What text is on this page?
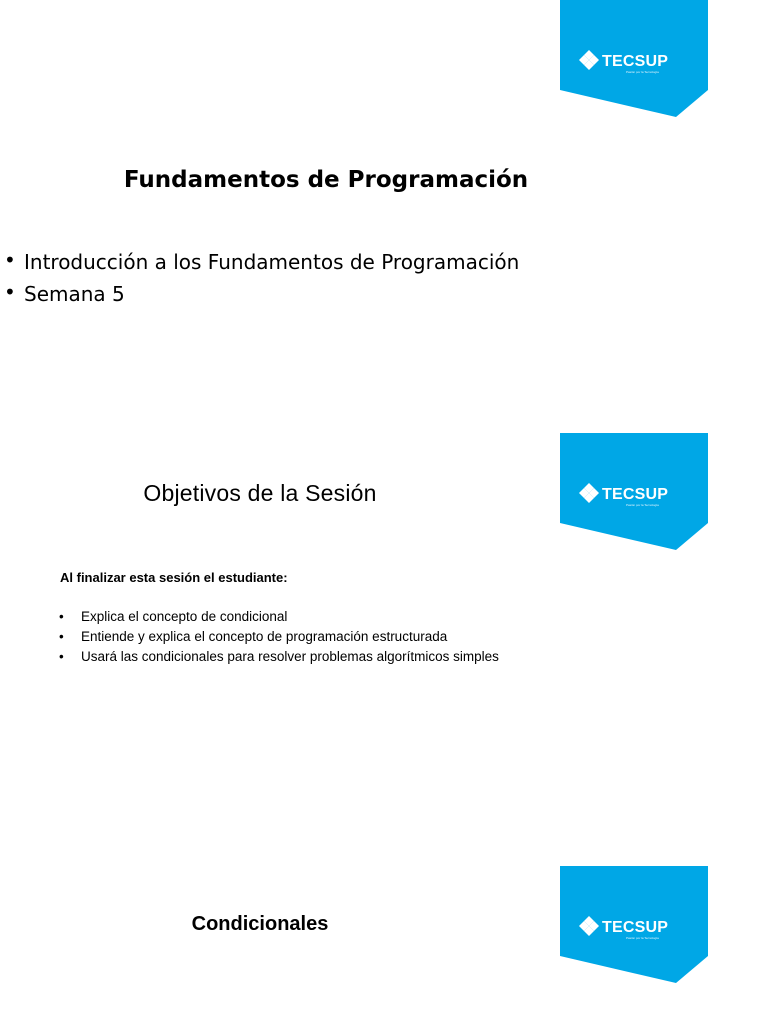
TECSUP
Pasión por la Tecnología
Fundamentos de Programación
• Introducción a los Fundamentos de Programación
• Semana 5
TECSUP
Pasión por la Tecnología
Objetivos de la Sesión

Al finalizar esta sesión el estudiante:

• Explica el concepto de condicional
• Entiende y explica el concepto de programación estructurada
• Usará las condicionales para resolver problemas algorítmicos simples
TECSUP
Pasión por la Tecnología
Condicionales
